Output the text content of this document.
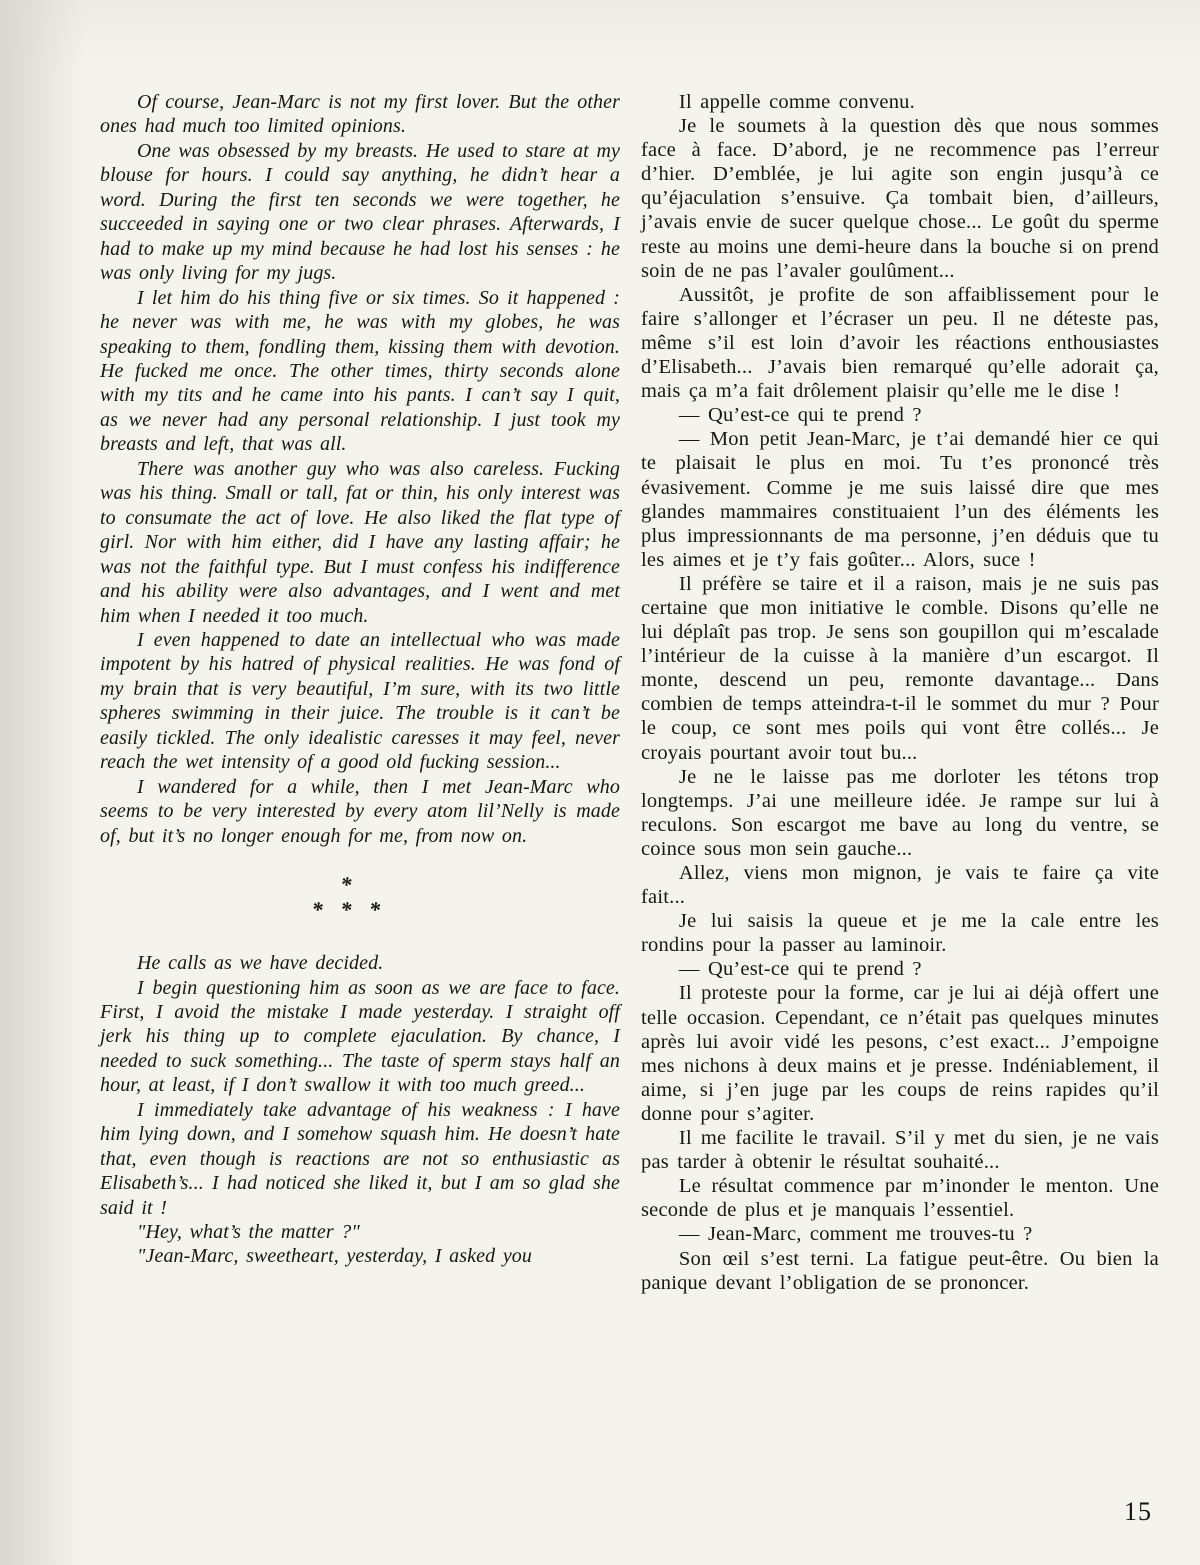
Of course, Jean-Marc is not my first lover. But the other ones had much too limited opinions.

One was obsessed by my breasts. He used to stare at my blouse for hours. I could say anything, he didn’t hear a word. During the first ten seconds we were together, he succeeded in saying one or two clear phrases. Afterwards, I had to make up my mind because he had lost his senses : he was only living for my jugs.

I let him do his thing five or six times. So it happened : he never was with me, he was with my globes, he was speaking to them, fondling them, kissing them with devotion. He fucked me once. The other times, thirty seconds alone with my tits and he came into his pants. I can’t say I quit, as we never had any personal relationship. I just took my breasts and left, that was all.

There was another guy who was also careless. Fucking was his thing. Small or tall, fat or thin, his only interest was to consumate the act of love. He also liked the flat type of girl. Nor with him either, did I have any lasting affair; he was not the faithful type. But I must confess his indifference and his ability were also advantages, and I went and met him when I needed it too much.

I even happened to date an intellectual who was made impotent by his hatred of physical realities. He was fond of my brain that is very beautiful, I’m sure, with its two little spheres swimming in their juice. The trouble is it can’t be easily tickled. The only idealistic caresses it may feel, never reach the wet intensity of a good old fucking session...

I wandered for a while, then I met Jean-Marc who seems to be very interested by every atom lil’Nelly is made of, but it’s no longer enough for me, from now on.

*
* * *

He calls as we have decided.

I begin questioning him as soon as we are face to face. First, I avoid the mistake I made yesterday. I straight off jerk his thing up to complete ejaculation. By chance, I needed to suck something... The taste of sperm stays half an hour, at least, if I don’t swallow it with too much greed...

I immediately take advantage of his weakness : I have him lying down, and I somehow squash him. He doesn’t hate that, even though is reactions are not so enthusiastic as Elisabeth’s... I had noticed she liked it, but I am so glad she said it !

"Hey, what’s the matter ?"

"Jean-Marc, sweetheart, yesterday, I asked you

Il appelle comme convenu.

Je le soumets à la question dès que nous sommes face à face. D’abord, je ne recommence pas l’erreur d’hier. D’emblée, je lui agite son engin jusqu’à ce qu’éjaculation s’ensuive. Ça tombait bien, d’ailleurs, j’avais envie de sucer quelque chose... Le goût du sperme reste au moins une demi-heure dans la bouche si on prend soin de ne pas l’avaler goulûment...

Aussitôt, je profite de son affaiblissement pour le faire s’allonger et l’écraser un peu. Il ne déteste pas, même s’il est loin d’avoir les réactions enthousiastes d’Elisabeth... J’avais bien remarqué qu’elle adorait ça, mais ça m’a fait drôlement plaisir qu’elle me le dise !

— Qu’est-ce qui te prend ?

— Mon petit Jean-Marc, je t’ai demandé hier ce qui te plaisait le plus en moi. Tu t’es prononcé très évasivement. Comme je me suis laissé dire que mes glandes mammaires constituaient l’un des éléments les plus impressionnants de ma personne, j’en déduis que tu les aimes et je t’y fais goûter... Alors, suce !

Il préfère se taire et il a raison, mais je ne suis pas certaine que mon initiative le comble. Disons qu’elle ne lui déplaît pas trop. Je sens son goupillon qui m’escalade l’intérieur de la cuisse à la manière d’un escargot. Il monte, descend un peu, remonte davantage... Dans combien de temps atteindra-t-il le sommet du mur ? Pour le coup, ce sont mes poils qui vont être collés... Je croyais pourtant avoir tout bu...

Je ne le laisse pas me dorloter les tétons trop longtemps. J’ai une meilleure idée. Je rampe sur lui à reculons. Son escargot me bave au long du ventre, se coince sous mon sein gauche...

Allez, viens mon mignon, je vais te faire ça vite fait...

Je lui saisis la queue et je me la cale entre les rondins pour la passer au laminoir.

— Qu’est-ce qui te prend ?

Il proteste pour la forme, car je lui ai déjà offert une telle occasion. Cependant, ce n’était pas quelques minutes après lui avoir vidé les pesons, c’est exact... J’empoigne mes nichons à deux mains et je presse. Indéniablement, il aime, si j’en juge par les coups de reins rapides qu’il donne pour s’agiter.

Il me facilite le travail. S’il y met du sien, je ne vais pas tarder à obtenir le résultat souhaité...

Le résultat commence par m’inonder le menton. Une seconde de plus et je manquais l’essentiel.

— Jean-Marc, comment me trouves-tu ?

Son œil s’est terni. La fatigue peut-être. Ou bien la panique devant l’obligation de se prononcer.

15
